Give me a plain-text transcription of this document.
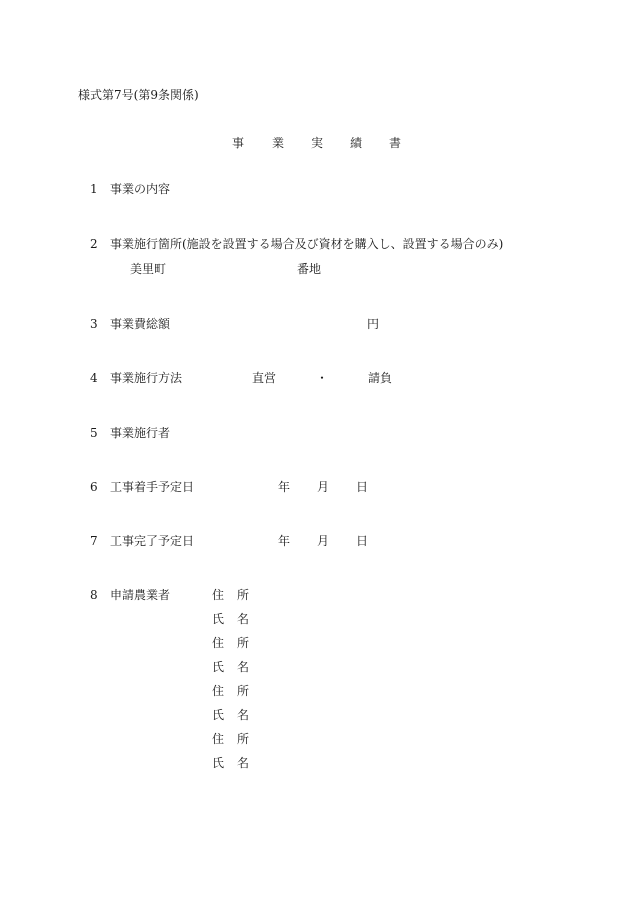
様式第7号(第9条関係)
事 業 実 績 書
1 事業の内容
2 事業施行箇所(施設を設置する場合及び資材を購入し、設置する場合のみ)
美里町	番地
3 事業費総額	円
4 事業施行方法	直営	・	請負
5 事業施行者
6 工事着手予定日	年 月 日
7 工事完了予定日	年 月 日
8 申請農業者	住 所
氏 名
住 所
氏 名
住 所
氏 名
住 所
氏 名
